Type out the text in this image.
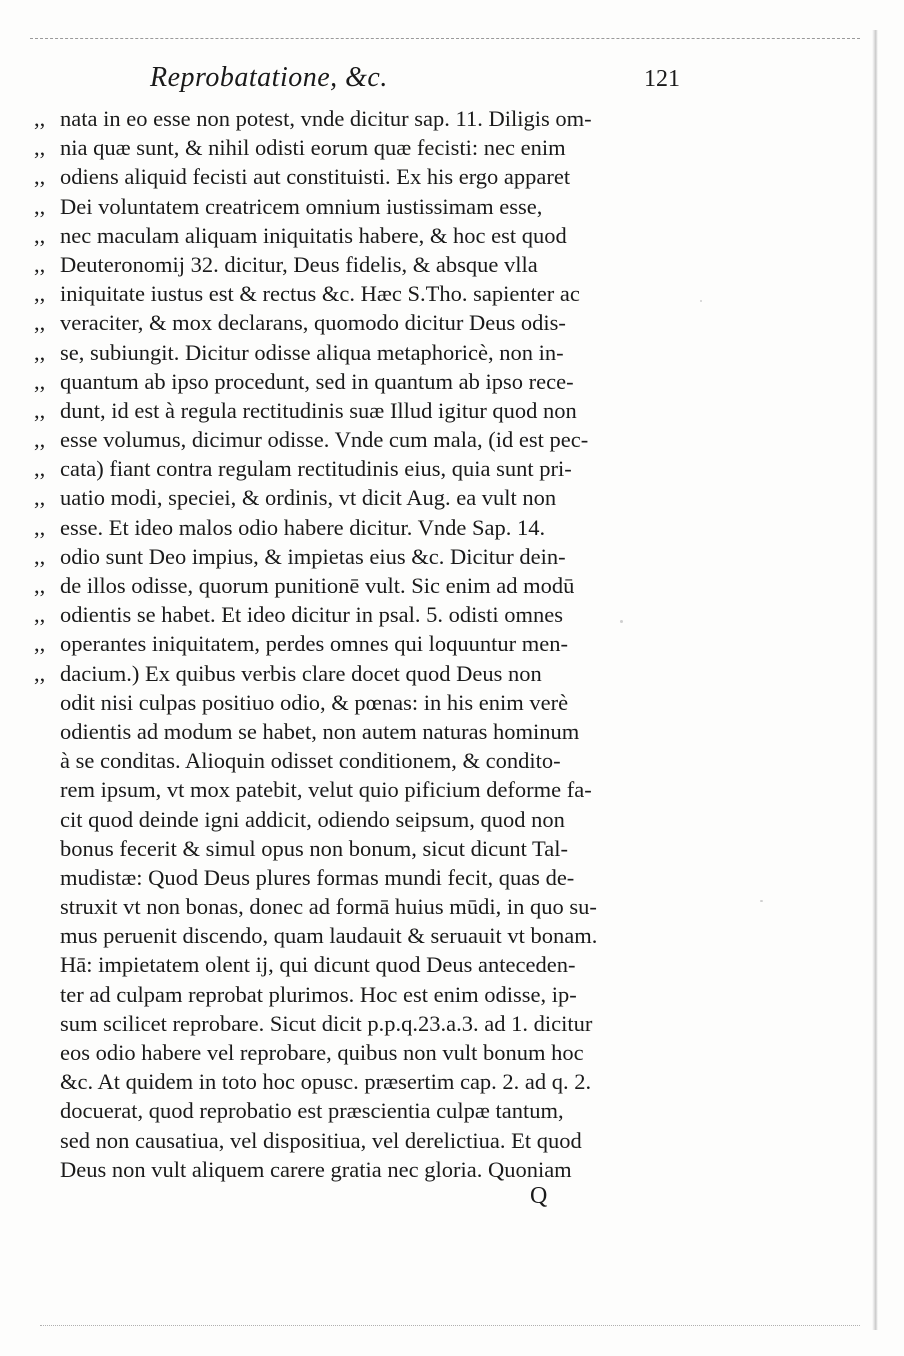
Reprobatatione, &c.	121
,, nata in eo esse non potest, vnde dicitur sap. 11. Diligis om-
,, nia quæ sunt, & nihil odisti eorum quæ fecisti: nec enim
,, odiens aliquid fecisti aut constituisti. Ex his ergo apparet
,, Dei voluntatem creatricem omnium iustissimam esse,
,, nec maculam aliquam iniquitatis habere, & hoc est quod
,, Deuteronomij 32. dicitur, Deus fidelis, & absque vlla
,, iniquitate iustus est & rectus &c. Hæc S.Tho. sapienter ac
,, veraciter, & mox declarans, quomodo dicitur Deus odis-
,, se, subiungit. Dicitur odisse aliqua metaphoricè, non in-
,, quantum ab ipso procedunt, sed in quantum ab ipso rece-
,, dunt, id est à regula rectitudinis suæ Illud igitur quod non
,, esse volumus, dicimur odisse. Vnde cum mala, (id est pec-
,, cata) fiant contra regulam rectitudinis eius, quia sunt pri-
,, uatio modi, speciei, & ordinis, vt dicit Aug. ea vult non
,, esse. Et ideo malos odio habere dicitur. Vnde Sap. 14.
,, odio sunt Deo impius, & impietas eius &c. Dicitur dein-
,, de illos odisse, quorum punitionē vult. Sic enim ad modū
,, odientis se habet. Et ideo dicitur in psal. 5. odisti omnes
,, operantes iniquitatem, perdes omnes qui loquuntur men-
,, dacium.) Ex quibus verbis clare docet quod Deus non
odit nisi culpas positiuo odio, & pœnas: in his enim verè
odientis ad modum se habet, non autem naturas hominum
à se conditas. Alioquin odisset conditionem, & condito-
rem ipsum, vt mox patebit, velut quio pificium deforme fa-
cit quod deinde igni addicit, odiendo seipsum, quod non
bonus fecerit & simul opus non bonum, sicut dicunt Tal-
mudistæ: Quod Deus plures formas mundi fecit, quas de-
struxit vt non bonas, donec ad formā huius mūdi, in quo su-
mus peruenit discendo, quam laudauit & seruauit vt bonam.
Hā: impietatem olent ij, qui dicunt quod Deus anteceden-
ter ad culpam reprobat plurimos. Hoc est enim odisse, ip-
sum scilicet reprobare. Sicut dicit p.p.q.23.a.3. ad 1. dicitur
eos odio habere vel reprobare, quibus non vult bonum hoc
&c. At quidem in toto hoc opusc. præsertim cap. 2. ad q. 2.
docuerat, quod reprobatio est præscientia culpæ tantum,
sed non causatiua, vel dispositiua, vel derelictiua. Et quod
Deus non vult aliquem carere gratia nec gloria. Quoniam
Q
